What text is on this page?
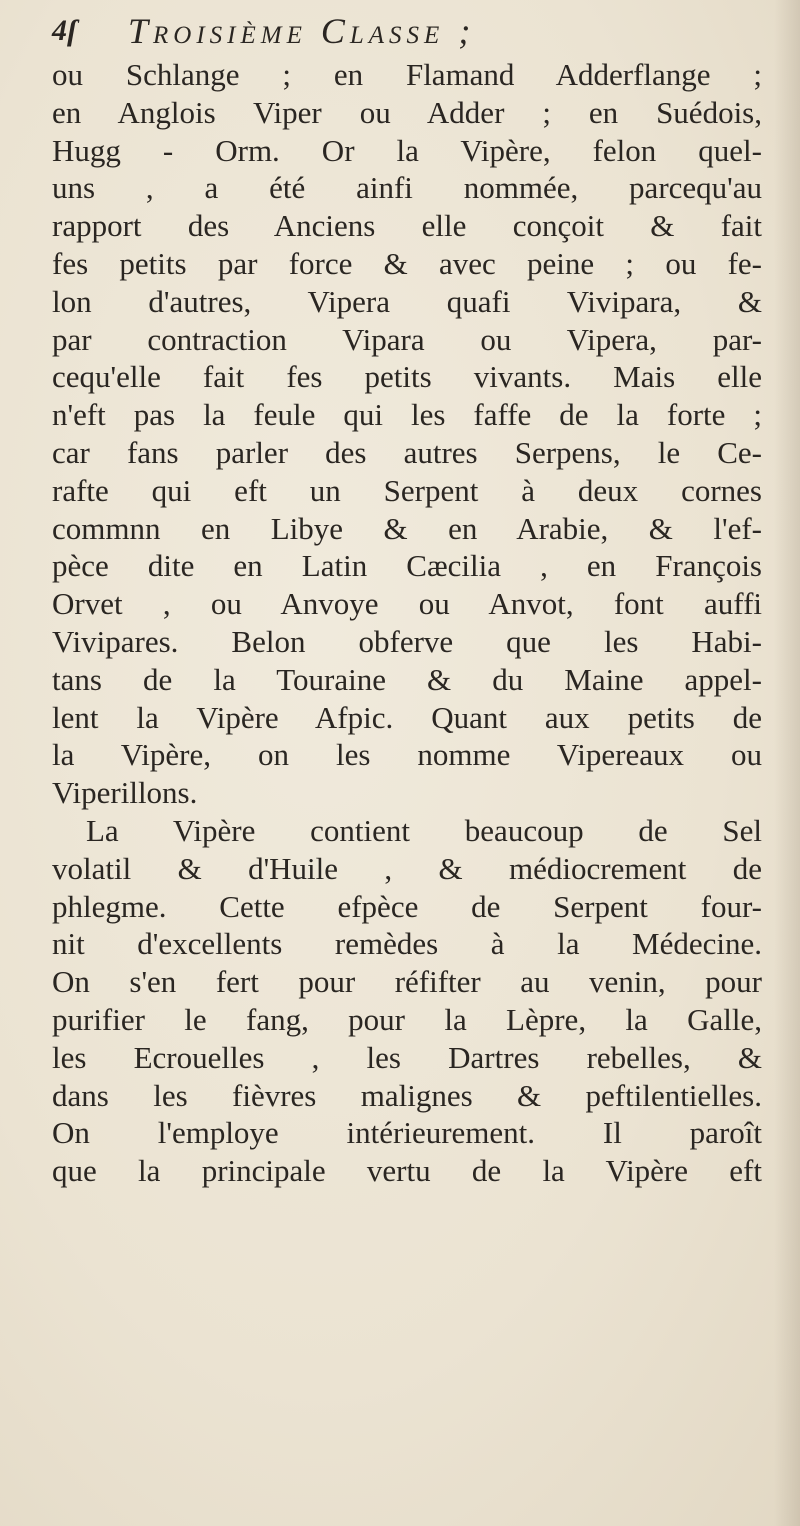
4ſ Troisième Classe ;
ou Schlange ; en Flamand Adderflange ;
en Anglois Viper ou Adder ; en Suédois,
Hugg - Orm. Or la Vipère, felon quel-
uns , a été ainfi nommée, parcequ'au
rapport des Anciens elle conçoit & fait
fes petits par force & avec peine ; ou fe-
lon d'autres, Vipera quafi Vivipara, &
par contraction Vipara ou Vipera, par-
cequ'elle fait fes petits vivants. Mais elle
n'eft pas la feule qui les faffe de la forte ;
car fans parler des autres Serpens, le Ce-
rafte qui eft un Serpent à deux cornes
commnn en Libye & en Arabie, & l'ef-
pèce dite en Latin Cæcilia , en François
Orvet , ou Anvoye ou Anvot, font auffi
Vivipares. Belon obferve que les Habi-
tans de la Touraine & du Maine appel-
lent la Vipère Afpic. Quant aux petits de
la Vipère, on les nomme Vipereaux ou
Viperillons.
La Vipère contient beaucoup de Sel
volatil & d'Huile , & médiocrement de
phlegme. Cette efpèce de Serpent four-
nit d'excellents remèdes à la Médecine.
On s'en fert pour réfifter au venin, pour
purifier le fang, pour la Lèpre, la Galle,
les Ecrouelles , les Dartres rebelles, &
dans les fièvres malignes & peftilentielles.
On l'employe intérieurement. Il paroît
que la principale vertu de la Vipère eft
